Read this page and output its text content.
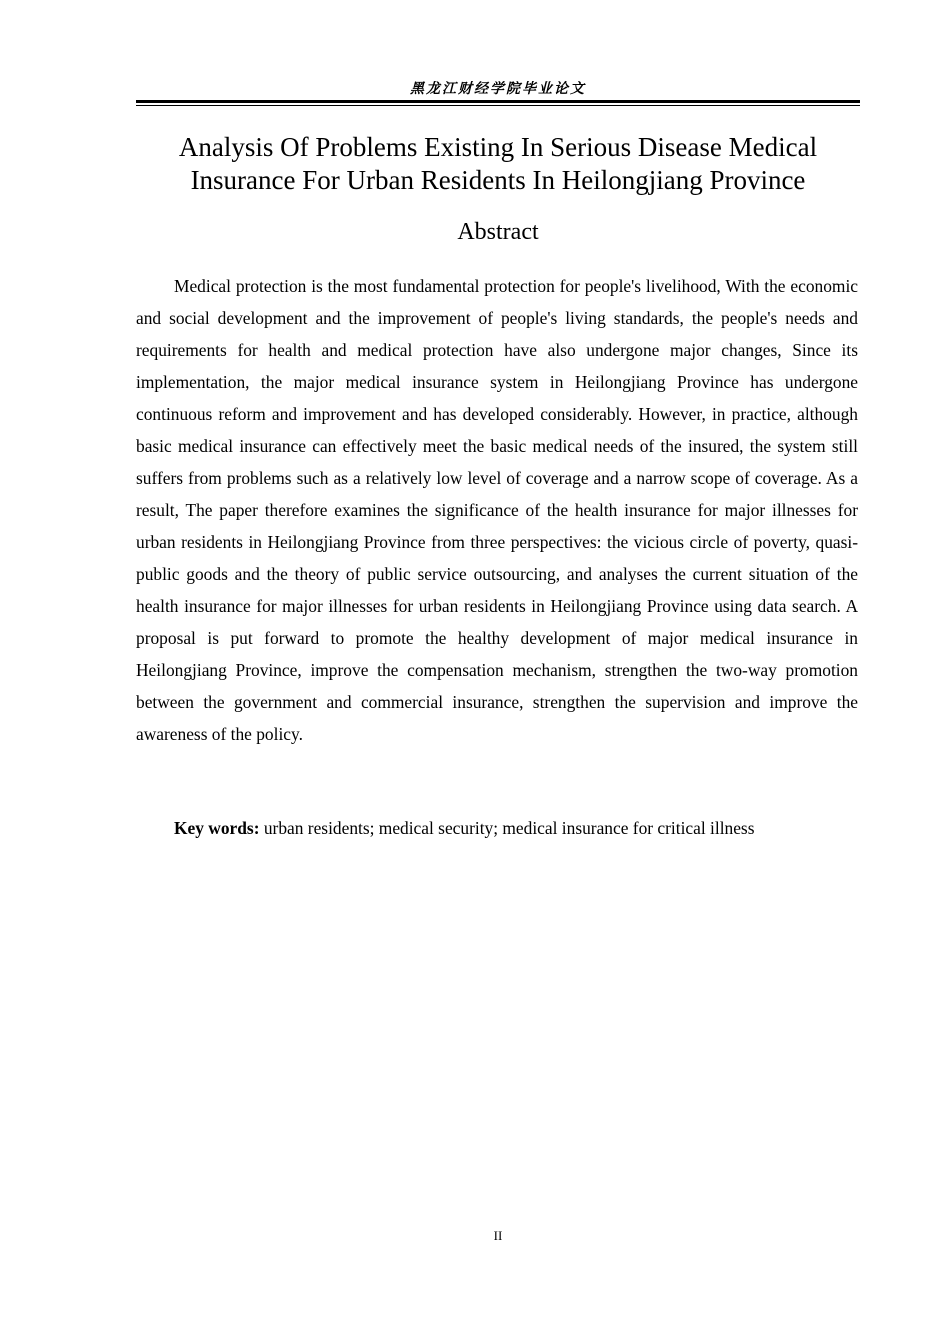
黑龙江财经学院毕业论文
Analysis Of Problems Existing In Serious Disease Medical
Insurance For Urban Residents In Heilongjiang Province
Abstract

Medical protection is the most fundamental protection for people's livelihood, With the economic and social development and the improvement of people's living standards, the people's needs and requirements for health and medical protection have also undergone major changes, Since its implementation, the major medical insurance system in Heilongjiang Province has undergone continuous reform and improvement and has developed considerably. However, in practice, although basic medical insurance can effectively meet the basic medical needs of the insured, the system still suffers from problems such as a relatively low level of coverage and a narrow scope of coverage. As a result, The paper therefore examines the significance of the health insurance for major illnesses for urban residents in Heilongjiang Province from three perspectives: the vicious circle of poverty, quasi-public goods and the theory of public service outsourcing, and analyses the current situation of the health insurance for major illnesses for urban residents in Heilongjiang Province using data search. A proposal is put forward to promote the healthy development of major medical insurance in Heilongjiang Province, improve the compensation mechanism, strengthen the two-way promotion between the government and commercial insurance, strengthen the supervision and improve the awareness of the policy.

Key words: urban residents; medical security; medical insurance for critical illness

II
